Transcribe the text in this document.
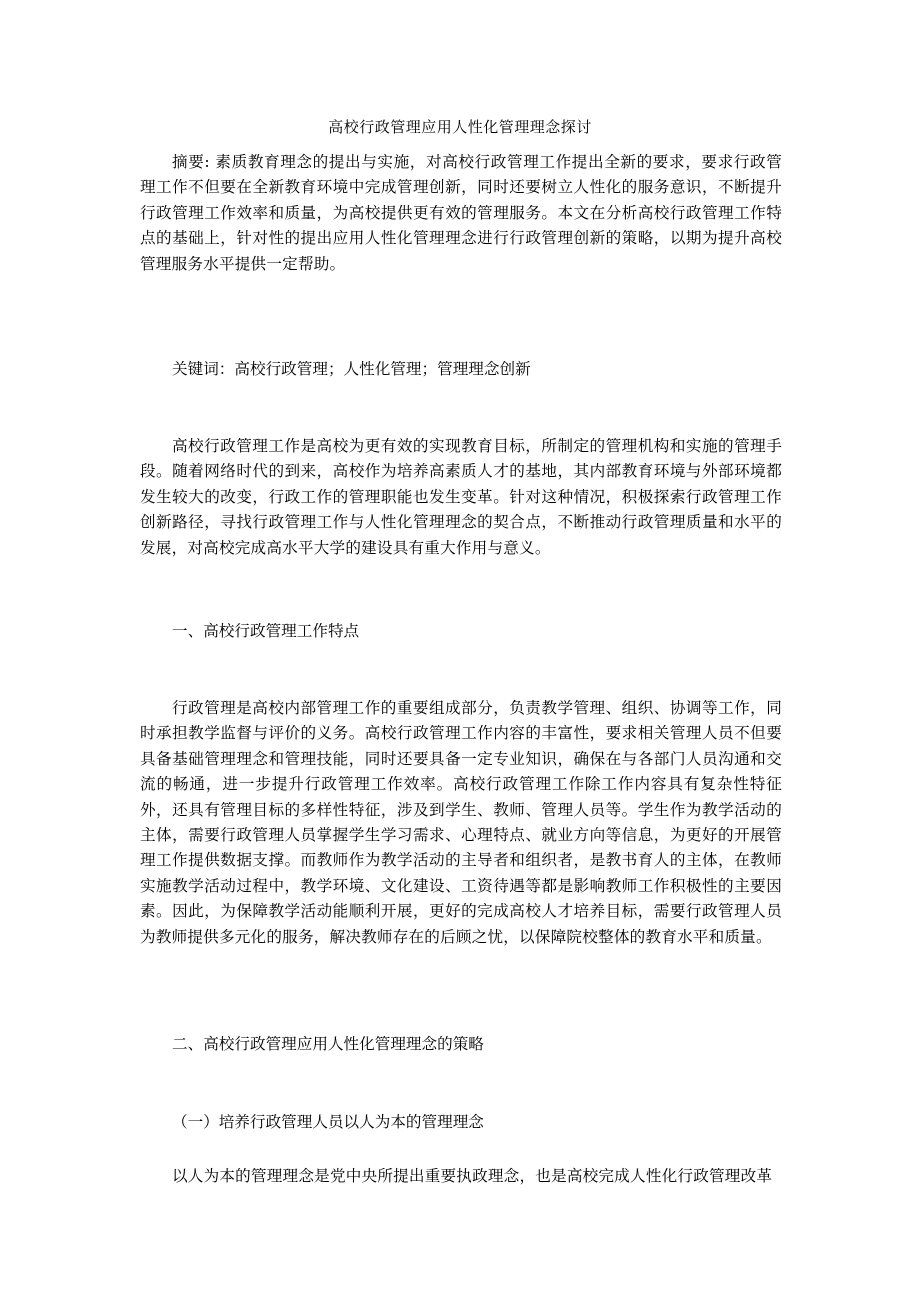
高校行政管理应用人性化管理理念探讨

摘要: 素质教育理念的提出与实施，对高校行政管理工作提出全新的要求，要求行政管理工作不但要在全新教育环境中完成管理创新，同时还要树立人性化的服务意识，不断提升行政管理工作效率和质量，为高校提供更有效的管理服务。本文在分析高校行政管理工作特点的基础上，针对性的提出应用人性化管理理念进行行政管理创新的策略，以期为提升高校管理服务水平提供一定帮助。

关键词：高校行政管理；人性化管理；管理理念创新

高校行政管理工作是高校为更有效的实现教育目标，所制定的管理机构和实施的管理手段。随着网络时代的到来，高校作为培养高素质人才的基地，其内部教育环境与外部环境都发生较大的改变，行政工作的管理职能也发生变革。针对这种情况，积极探索行政管理工作创新路径，寻找行政管理工作与人性化管理理念的契合点，不断推动行政管理质量和水平的发展，对高校完成高水平大学的建设具有重大作用与意义。

一、高校行政管理工作特点

行政管理是高校内部管理工作的重要组成部分，负责教学管理、组织、协调等工作，同时承担教学监督与评价的义务。高校行政管理工作内容的丰富性，要求相关管理人员不但要具备基础管理理念和管理技能，同时还要具备一定专业知识，确保在与各部门人员沟通和交流的畅通，进一步提升行政管理工作效率。高校行政管理工作除工作内容具有复杂性特征外，还具有管理目标的多样性特征，涉及到学生、教师、管理人员等。学生作为教学活动的主体，需要行政管理人员掌握学生学习需求、心理特点、就业方向等信息，为更好的开展管理工作提供数据支撑。而教师作为教学活动的主导者和组织者，是教书育人的主体，在教师实施教学活动过程中，教学环境、文化建设、工资待遇等都是影响教师工作积极性的主要因素。因此，为保障教学活动能顺利开展，更好的完成高校人才培养目标，需要行政管理人员为教师提供多元化的服务，解决教师存在的后顾之忧，以保障院校整体的教育水平和质量。

二、高校行政管理应用人性化管理理念的策略

（一）培养行政管理人员以人为本的管理理念

以人为本的管理理念是党中央所提出重要执政理念，也是高校完成人性化行政管理改革
